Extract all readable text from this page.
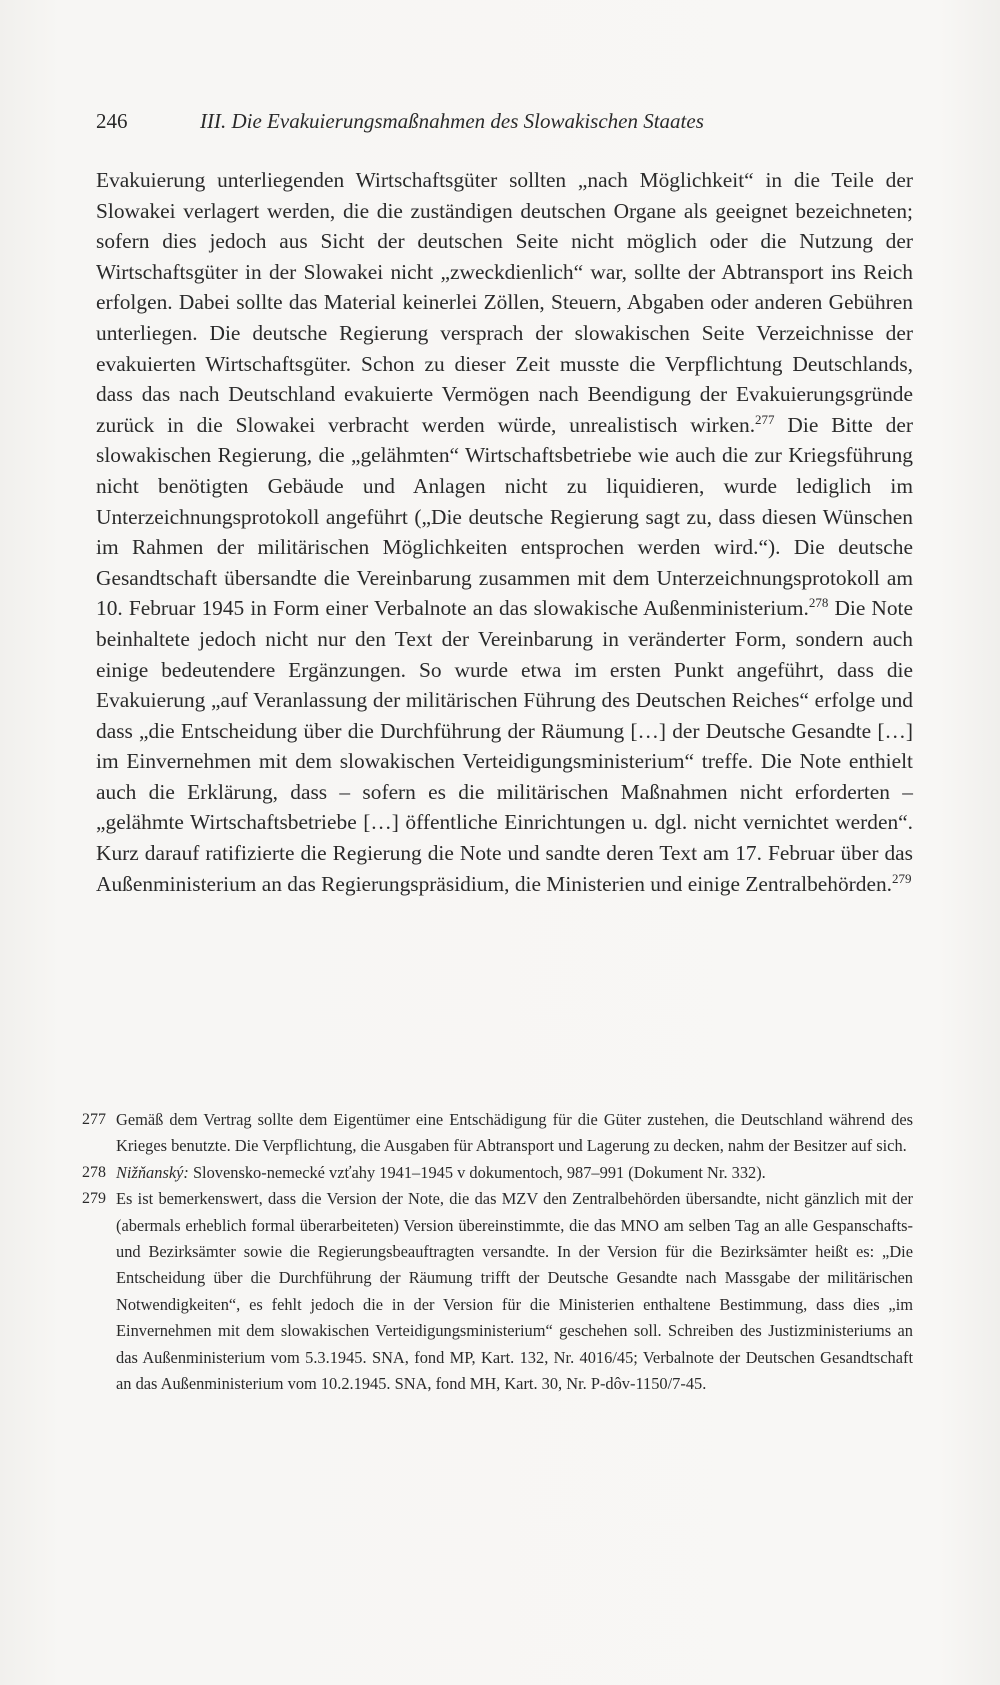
246	III. Die Evakuierungsmaßnahmen des Slowakischen Staates

Evakuierung unterliegenden Wirtschaftsgüter sollten „nach Möglichkeit“ in die Teile der Slowakei verlagert werden, die die zuständigen deutschen Organe als geeignet bezeichneten; sofern dies jedoch aus Sicht der deutschen Seite nicht möglich oder die Nutzung der Wirtschaftsgüter in der Slowakei nicht „zweckdienlich“ war, sollte der Abtransport ins Reich erfolgen. Dabei sollte das Material keinerlei Zöllen, Steuern, Abgaben oder anderen Gebühren unterliegen. Die deutsche Regierung versprach der slowakischen Seite Verzeichnisse der evakuierten Wirtschaftsgüter. Schon zu dieser Zeit musste die Verpflichtung Deutschlands, dass das nach Deutschland evakuierte Vermögen nach Beendigung der Evakuierungsgründe zurück in die Slowakei verbracht werden würde, unrealistisch wirken.$^{277}$ Die Bitte der slowakischen Regierung, die „gelähmten“ Wirtschaftsbetriebe wie auch die zur Kriegsführung nicht benötigten Gebäude und Anlagen nicht zu liquidieren, wurde lediglich im Unterzeichnungsprotokoll angeführt („Die deutsche Regierung sagt zu, dass diesen Wünschen im Rahmen der militärischen Möglichkeiten entsprochen werden wird.“). Die deutsche Gesandtschaft übersandte die Vereinbarung zusammen mit dem Unterzeichnungsprotokoll am 10. Februar 1945 in Form einer Verbalnote an das slowakische Außenministerium.$^{278}$ Die Note beinhaltete jedoch nicht nur den Text der Vereinbarung in veränderter Form, sondern auch einige bedeutendere Ergänzungen. So wurde etwa im ersten Punkt angeführt, dass die Evakuierung „auf Veranlassung der militärischen Führung des Deutschen Reiches“ erfolge und dass „die Entscheidung über die Durchführung der Räumung […] der Deutsche Gesandte […] im Einvernehmen mit dem slowakischen Verteidigungsministerium“ treffe. Die Note enthielt auch die Erklärung, dass – sofern es die militärischen Maßnahmen nicht erforderten – „gelähmte Wirtschaftsbetriebe […] öffentliche Einrichtungen u. dgl. nicht vernichtet werden“. Kurz darauf ratifizierte die Regierung die Note und sandte deren Text am 17. Februar über das Außenministerium an das Regierungspräsidium, die Ministerien und einige Zentralbehörden.$^{279}$

277 Gemäß dem Vertrag sollte dem Eigentümer eine Entschädigung für die Güter zustehen, die Deutschland während des Krieges benutzte. Die Verpflichtung, die Ausgaben für Abtransport und Lagerung zu decken, nahm der Besitzer auf sich.
278 Nižňanský: Slovensko-nemecké vzťahy 1941–1945 v dokumentoch, 987–991 (Dokument Nr. 332).
279 Es ist bemerkenswert, dass die Version der Note, die das MZV den Zentralbehörden übersandte, nicht gänzlich mit der (abermals erheblich formal überarbeiteten) Version übereinstimmte, die das MNO am selben Tag an alle Gespanschafts- und Bezirksämter sowie die Regierungsbeauftragten versandte. In der Version für die Bezirksämter heißt es: „Die Entscheidung über die Durchführung der Räumung trifft der Deutsche Gesandte nach Massgabe der militärischen Notwendigkeiten“, es fehlt jedoch die in der Version für die Ministerien enthaltene Bestimmung, dass dies „im Einvernehmen mit dem slowakischen Verteidigungsministerium“ geschehen soll. Schreiben des Justizministeriums an das Außenministerium vom 5.3.1945. SNA, fond MP, Kart. 132, Nr. 4016/45; Verbalnote der Deutschen Gesandtschaft an das Außenministerium vom 10.2.1945. SNA, fond MH, Kart. 30, Nr. P-dôv-1150/7-45.
